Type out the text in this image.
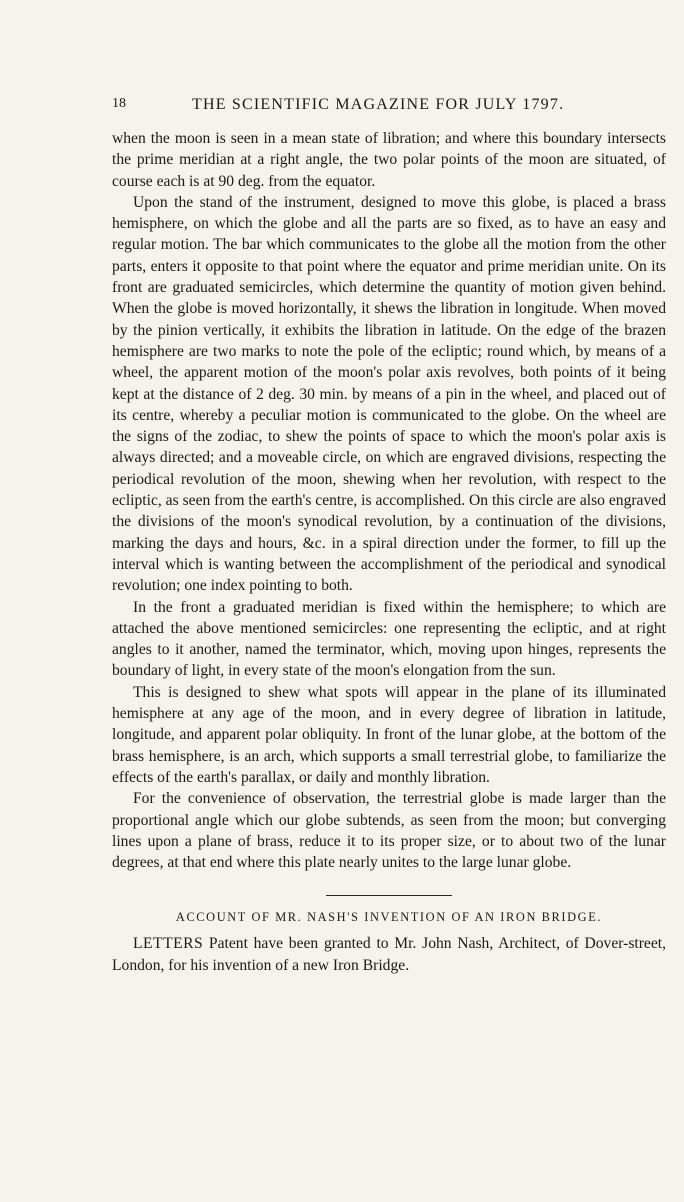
18	THE SCIENTIFIC MAGAZINE FOR JULY 1797.

when the moon is seen in a mean state of libration; and where this boundary intersects the prime meridian at a right angle, the two polar points of the moon are situated, of course each is at 90 deg. from the equator.

Upon the stand of the instrument, designed to move this globe, is placed a brass hemisphere, on which the globe and all the parts are so fixed, as to have an easy and regular motion. The bar which communicates to the globe all the motion from the other parts, enters it opposite to that point where the equator and prime meridian unite. On its front are graduated semicircles, which determine the quantity of motion given behind. When the globe is moved horizontally, it shews the libration in longitude. When moved by the pinion vertically, it exhibits the libration in latitude. On the edge of the brazen hemisphere are two marks to note the pole of the ecliptic; round which, by means of a wheel, the apparent motion of the moon's polar axis revolves, both points of it being kept at the distance of 2 deg. 30 min. by means of a pin in the wheel, and placed out of its centre, whereby a peculiar motion is communicated to the globe. On the wheel are the signs of the zodiac, to shew the points of space to which the moon's polar axis is always directed; and a moveable circle, on which are engraved divisions, respecting the periodical revolution of the moon, shewing when her revolution, with respect to the ecliptic, as seen from the earth's centre, is accomplished. On this circle are also engraved the divisions of the moon's synodical revolution, by a continuation of the divisions, marking the days and hours, &c. in a spiral direction under the former, to fill up the interval which is wanting between the accomplishment of the periodical and synodical revolution; one index pointing to both.

In the front a graduated meridian is fixed within the hemisphere; to which are attached the above mentioned semicircles: one representing the ecliptic, and at right angles to it another, named the terminator, which, moving upon hinges, represents the boundary of light, in every state of the moon's elongation from the sun.

This is designed to shew what spots will appear in the plane of its illuminated hemisphere at any age of the moon, and in every degree of libration in latitude, longitude, and apparent polar obliquity. In front of the lunar globe, at the bottom of the brass hemisphere, is an arch, which supports a small terrestrial globe, to familiarize the effects of the earth's parallax, or daily and monthly libration.

For the convenience of observation, the terrestrial globe is made larger than the proportional angle which our globe subtends, as seen from the moon; but converging lines upon a plane of brass, reduce it to its proper size, or to about two of the lunar degrees, at that end where this plate nearly unites to the large lunar globe.

ACCOUNT OF MR. NASH'S INVENTION OF AN IRON BRIDGE.

LETTERS Patent have been granted to Mr. John Nash, Architect, of Dover-street, London, for his invention of a new Iron Bridge.
